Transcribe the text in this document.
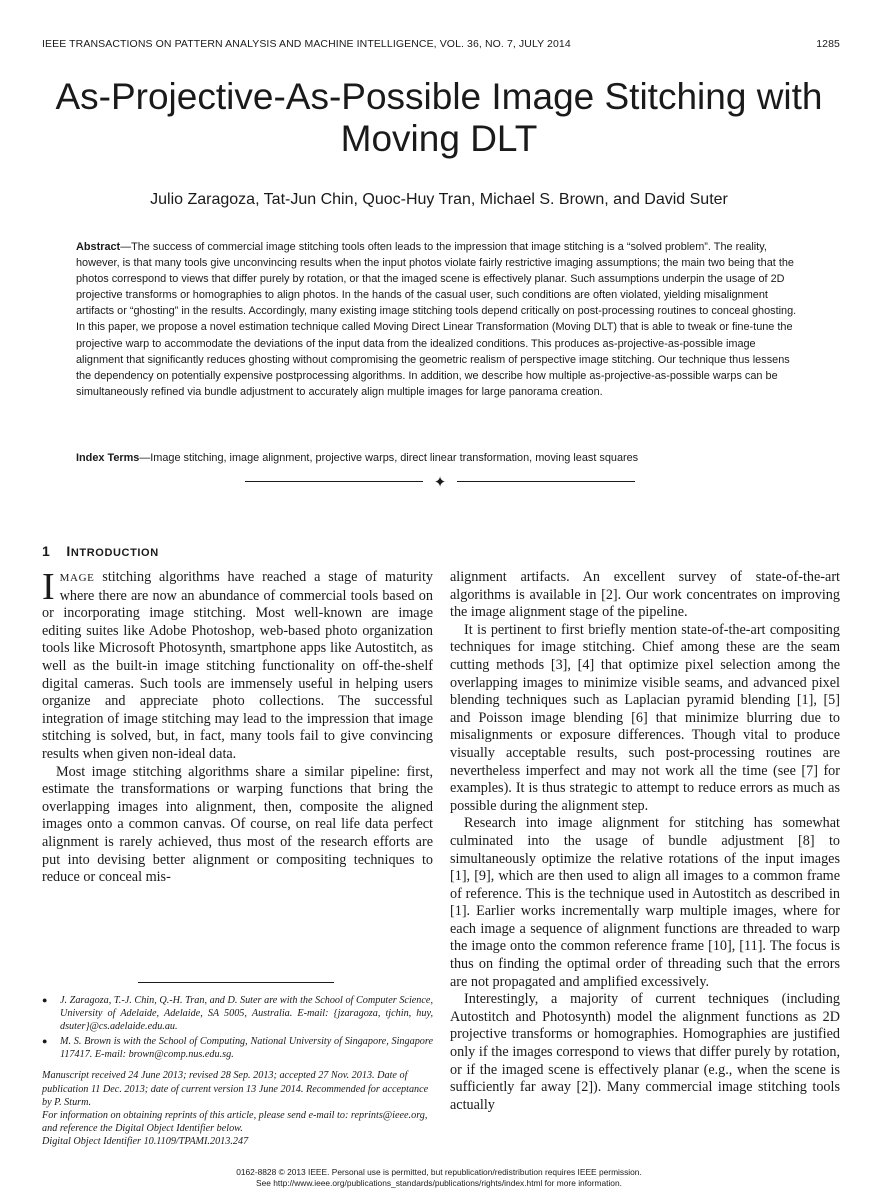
IEEE TRANSACTIONS ON PATTERN ANALYSIS AND MACHINE INTELLIGENCE, VOL. 36, NO. 7, JULY 2014	1285
As-Projective-As-Possible Image Stitching with
Moving DLT
Julio Zaragoza, Tat-Jun Chin, Quoc-Huy Tran, Michael S. Brown, and David Suter

Abstract—The success of commercial image stitching tools often leads to the impression that image stitching is a “solved problem”. The reality, however, is that many tools give unconvincing results when the input photos violate fairly restrictive imaging assumptions; the main two being that the photos correspond to views that differ purely by rotation, or that the imaged scene is effectively planar. Such assumptions underpin the usage of 2D projective transforms or homographies to align photos. In the hands of the casual user, such conditions are often violated, yielding misalignment artifacts or “ghosting” in the results. Accordingly, many existing image stitching tools depend critically on post-processing routines to conceal ghosting. In this paper, we propose a novel estimation technique called Moving Direct Linear Transformation (Moving DLT) that is able to tweak or fine-tune the projective warp to accommodate the deviations of the input data from the idealized conditions. This produces as-projective-as-possible image alignment that significantly reduces ghosting without compromising the geometric realism of perspective image stitching. Our technique thus lessens the dependency on potentially expensive postprocessing algorithms. In addition, we describe how multiple as-projective-as-possible warps can be simultaneously refined via bundle adjustment to accurately align multiple images for large panorama creation.

Index Terms—Image stitching, image alignment, projective warps, direct linear transformation, moving least squares

✦
1 INTRODUCTION

IMAGE stitching algorithms have reached a stage of maturity where there are now an abundance of commercial tools based on or incorporating image stitching. Most well-known are image editing suites like Adobe Photoshop, web-based photo organization tools like Microsoft Photosynth, smartphone apps like Autostitch, as well as the built-in image stitching functionality on off-the-shelf digital cameras. Such tools are immensely useful in helping users organize and appreciate photo collections. The successful integration of image stitching may lead to the impression that image stitching is solved, but, in fact, many tools fail to give convincing results when given non-ideal data.

Most image stitching algorithms share a similar pipeline: first, estimate the transformations or warping functions that bring the overlapping images into alignment, then, composite the aligned images onto a common canvas. Of course, on real life data perfect alignment is rarely achieved, thus most of the research efforts are put into devising better alignment or compositing techniques to reduce or conceal mis-

alignment artifacts. An excellent survey of state-of-the-art algorithms is available in [2]. Our work concentrates on improving the image alignment stage of the pipeline.

It is pertinent to first briefly mention state-of-the-art compositing techniques for image stitching. Chief among these are the seam cutting methods [3], [4] that optimize pixel selection among the overlapping images to minimize visible seams, and advanced pixel blending techniques such as Laplacian pyramid blending [1], [5] and Poisson image blending [6] that minimize blurring due to misalignments or exposure differences. Though vital to produce visually acceptable results, such post-processing routines are nevertheless imperfect and may not work all the time (see [7] for examples). It is thus strategic to attempt to reduce errors as much as possible during the alignment step.

Research into image alignment for stitching has somewhat culminated into the usage of bundle adjustment [8] to simultaneously optimize the relative rotations of the input images [1], [9], which are then used to align all images to a common frame of reference. This is the technique used in Autostitch as described in [1]. Earlier works incrementally warp multiple images, where for each image a sequence of alignment functions are threaded to warp the image onto the common reference frame [10], [11]. The focus is thus on finding the optimal order of threading such that the errors are not propagated and amplified excessively.

Interestingly, a majority of current techniques (including Autostitch and Photosynth) model the alignment functions as 2D projective transforms or homographies. Homographies are justified only if the images correspond to views that differ purely by rotation, or if the imaged scene is effectively planar (e.g., when the scene is sufficiently far away [2]). Many commercial image stitching tools actually

●	J. Zaragoza, T.-J. Chin, Q.-H. Tran, and D. Suter are with the School of Computer Science, University of Adelaide, Adelaide, SA 5005, Australia. E-mail: {jzaragoza, tjchin, huy, dsuter}@cs.adelaide.edu.au.
●	M. S. Brown is with the School of Computing, National University of Singapore, Singapore 117417. E-mail: brown@comp.nus.edu.sg.
Manuscript received 24 June 2013; revised 28 Sep. 2013; accepted 27 Nov. 2013. Date of publication 11 Dec. 2013; date of current version 13 June 2014. Recommended for acceptance by P. Sturm.
For information on obtaining reprints of this article, please send e-mail to: reprints@ieee.org, and reference the Digital Object Identifier below.
Digital Object Identifier 10.1109/TPAMI.2013.247
0162-8828 © 2013 IEEE. Personal use is permitted, but republication/redistribution requires IEEE permission.
See http://www.ieee.org/publications_standards/publications/rights/index.html for more information.
